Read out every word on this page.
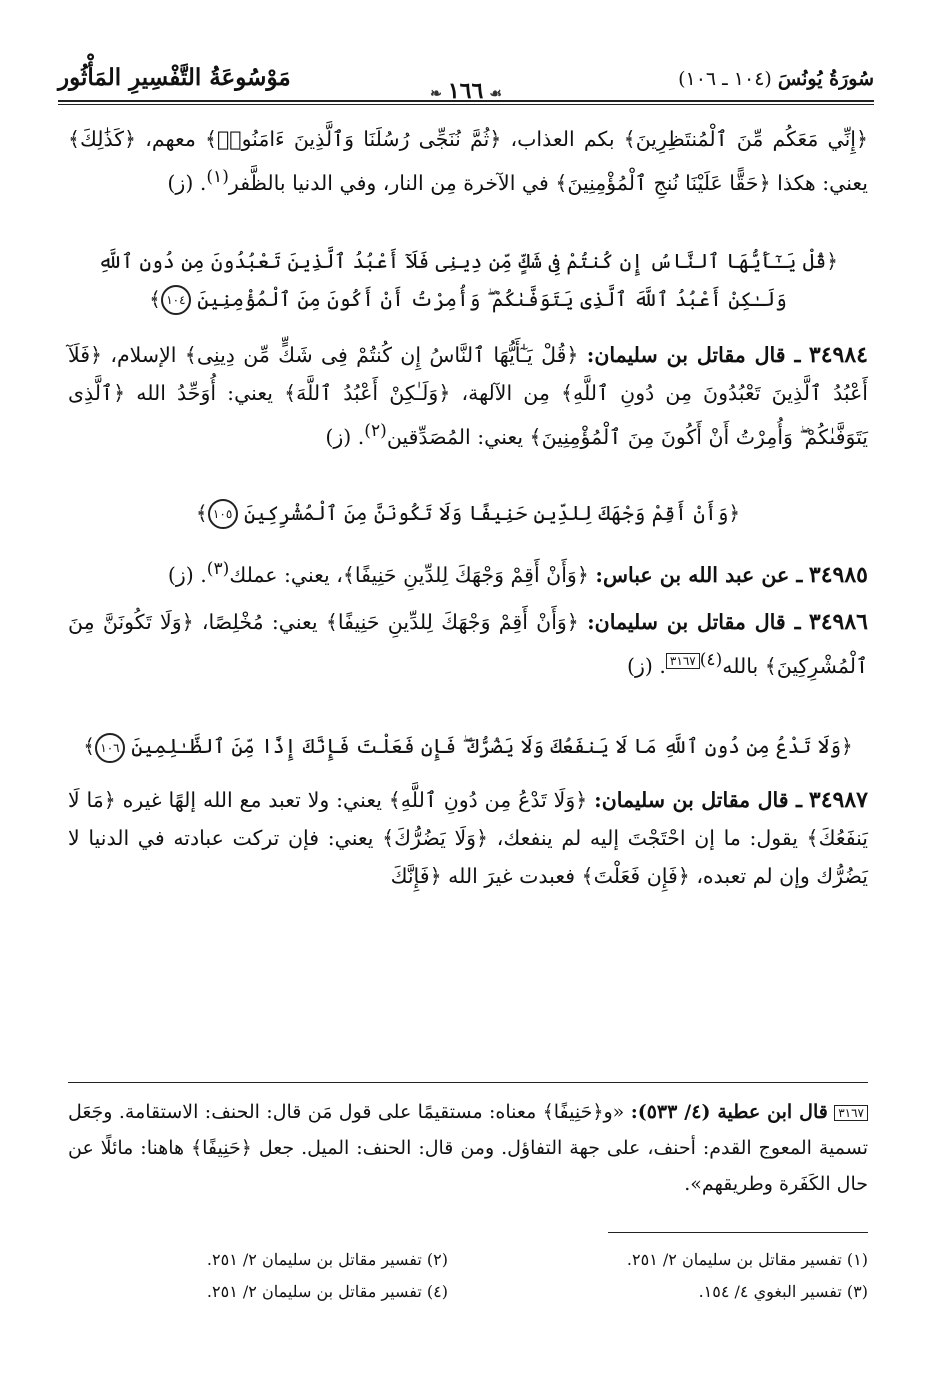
سُورَةُ يُونُسَ (١٠٤ ـ ١٠٦)
❧ ١٦٦ ☙
مَوْسُوعَةُ التَّفْسِيرِ المَأْثُور

﴿إِنِّي مَعَكُم مِّنَ ٱلْمُنتَظِرِينَ﴾ بكم العذاب، ﴿ثُمَّ نُنَجِّى رُسُلَنَا وَٱلَّذِينَ ءَامَنُوا۟﴾ معهم، ﴿كَذَٰلِكَ﴾ يعني: هكذا ﴿حَقًّا عَلَيْنَا نُنجِ ٱلْمُؤْمِنِينَ﴾ في الآخرة مِن النار، وفي الدنيا بالظَّفر$^{(١)}$. (ز)

﴿قُلْ يَـٰٓأَيُّهَا ٱلنَّاسُ إِن كُنتُمْ فِى شَكٍّ مِّن دِينِى فَلَآ أَعْبُدُ ٱلَّذِينَ تَعْبُدُونَ مِن دُونِ ٱللَّهِ
وَلَـٰكِنْ أَعْبُدُ ٱللَّهَ ٱلَّذِى يَتَوَفَّىٰكُمْ ۖ وَأُمِرْتُ أَنْ أَكُونَ مِنَ ٱلْمُؤْمِنِينَ ١٠٤﴾

٣٤٩٨٤ ـ قال مقاتل بن سليمان: ﴿قُلْ يَـٰٓأَيُّهَا ٱلنَّاسُ إِن كُنتُمْ فِى شَكٍّ مِّن دِينِى﴾ الإسلام، ﴿فَلَآ أَعْبُدُ ٱلَّذِينَ تَعْبُدُونَ مِن دُونِ ٱللَّهِ﴾ مِن الآلهة، ﴿وَلَـٰكِنْ أَعْبُدُ ٱللَّهَ﴾ يعني: أُوَحِّدُ الله ﴿ٱلَّذِى يَتَوَفَّىٰكُمْ ۖ وَأُمِرْتُ أَنْ أَكُونَ مِنَ ٱلْمُؤْمِنِينَ﴾ يعني: المُصَدِّقين$^{(٢)}$. (ز)

﴿وَأَنْ أَقِمْ وَجْهَكَ لِلدِّينِ حَنِيفًا وَلَا تَكُونَنَّ مِنَ ٱلْمُشْرِكِينَ ١٠٥﴾

٣٤٩٨٥ ـ عن عبد الله بن عباس: ﴿وَأَنْ أَقِمْ وَجْهَكَ لِلدِّينِ حَنِيفًا﴾، يعني: عملك$^{(٣)}$. (ز)

٣٤٩٨٦ ـ قال مقاتل بن سليمان: ﴿وَأَنْ أَقِمْ وَجْهَكَ لِلدِّينِ حَنِيفًا﴾ يعني: مُخْلِصًا، ﴿وَلَا تَكُونَنَّ مِنَ ٱلْمُشْرِكِينَ﴾ بالله$^{(٤)}$٣١٦٧. (ز)

﴿وَلَا تَدْعُ مِن دُونِ ٱللَّهِ مَا لَا يَنفَعُكَ وَلَا يَضُرُّكَ ۖ فَإِن فَعَلْتَ فَإِنَّكَ إِذًا مِّنَ ٱلظَّـٰلِمِينَ ١٠٦﴾

٣٤٩٨٧ ـ قال مقاتل بن سليمان: ﴿وَلَا تَدْعُ مِن دُونِ ٱللَّهِ﴾ يعني: ولا تعبد مع الله إلهًا غيره ﴿مَا لَا يَنفَعُكَ﴾ يقول: ما إن احْتَجْتَ إليه لم ينفعك، ﴿وَلَا يَضُرُّكَ﴾ يعني: فإن تركت عبادته في الدنيا لا يَضُرُّك وإن لم تعبده، ﴿فَإِن فَعَلْتَ﴾ فعبدت غيرَ الله ﴿فَإِنَّكَ

٣١٦٧ قال ابن عطية (٤/ ٥٣٣): «و﴿حَنِيفًا﴾ معناه: مستقيمًا على قول مَن قال: الحنف: الاستقامة. وجَعَل تسمية المعوج القدم: أحنف، على جهة التفاؤل. ومن قال: الحنف: الميل. جعل ﴿حَنِيفًا﴾ هاهنا: مائلًا عن حال الكَفَرة وطريقهم».
(١) تفسير مقاتل بن سليمان ٢/ ٢٥١.
(٢) تفسير مقاتل بن سليمان ٢/ ٢٥١.
(٣) تفسير البغوي ٤/ ١٥٤.
(٤) تفسير مقاتل بن سليمان ٢/ ٢٥١.
